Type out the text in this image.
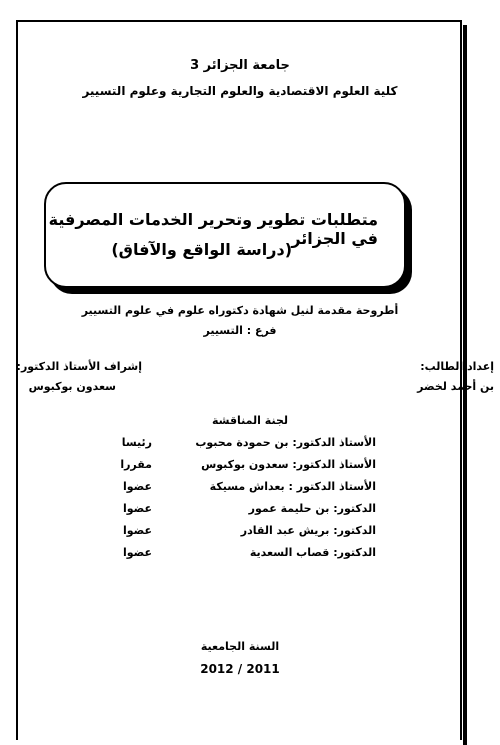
جامعة الجزائر 3
كلية العلوم الاقتصادية والعلوم التجارية وعلوم التسيير
متطلبات تطوير وتحرير الخدمات المصرفية في الجزائر
(دراسة الواقع والآفاق)
أطروحة مقدمة لنيل شهادة دكتوراه علوم في علوم التسيير
فرع : التسيير
إعداد الطالب:
بن أحمد لخضر
إشراف الأستاذ الدكتور:
سعدون بوكبوس
لجنة المناقشة
الأستاذ الدكتور: بن حمودة محبوب
رئيسا
الأستاذ الدكتور: سعدون بوكبوس
مقررا
الأستاذ الدكتور : بعداش مسيكة
عضوا
الدكتور: بن حليمة عمور
عضوا
الدكتور: بريش عبد القادر
عضوا
الدكتور: قصاب السعدية
عضوا
السنة الجامعية
2012 / 2011
